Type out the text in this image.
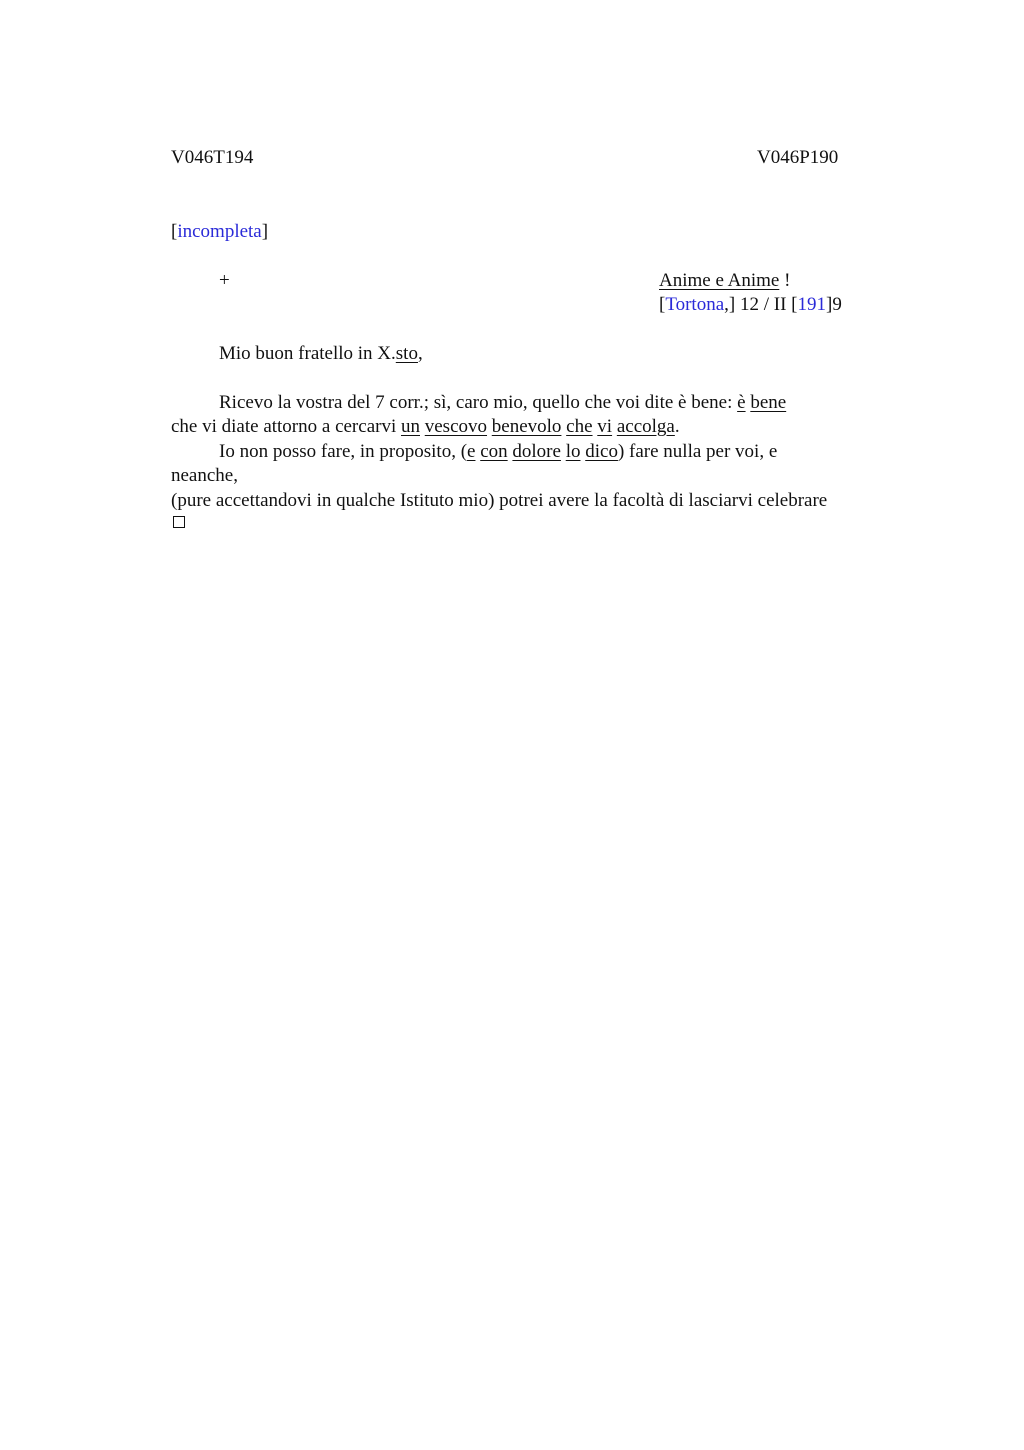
V046T194	V046P190
[incompleta]
+	Anime e Anime !
[Tortona,] 12 / II [191]9
Mio buon fratello in X.sto,
Ricevo la vostra del 7 corr.; sì, caro mio, quello che voi dite è bene: è bene
che vi diate attorno a cercarvi un vescovo benevolo che vi accolga.
Io non posso fare, in proposito, (e con dolore lo dico) fare nulla per voi, e
neanche,
(pure accettandovi in qualche Istituto mio) potrei avere la facoltà di lasciarvi celebrare
